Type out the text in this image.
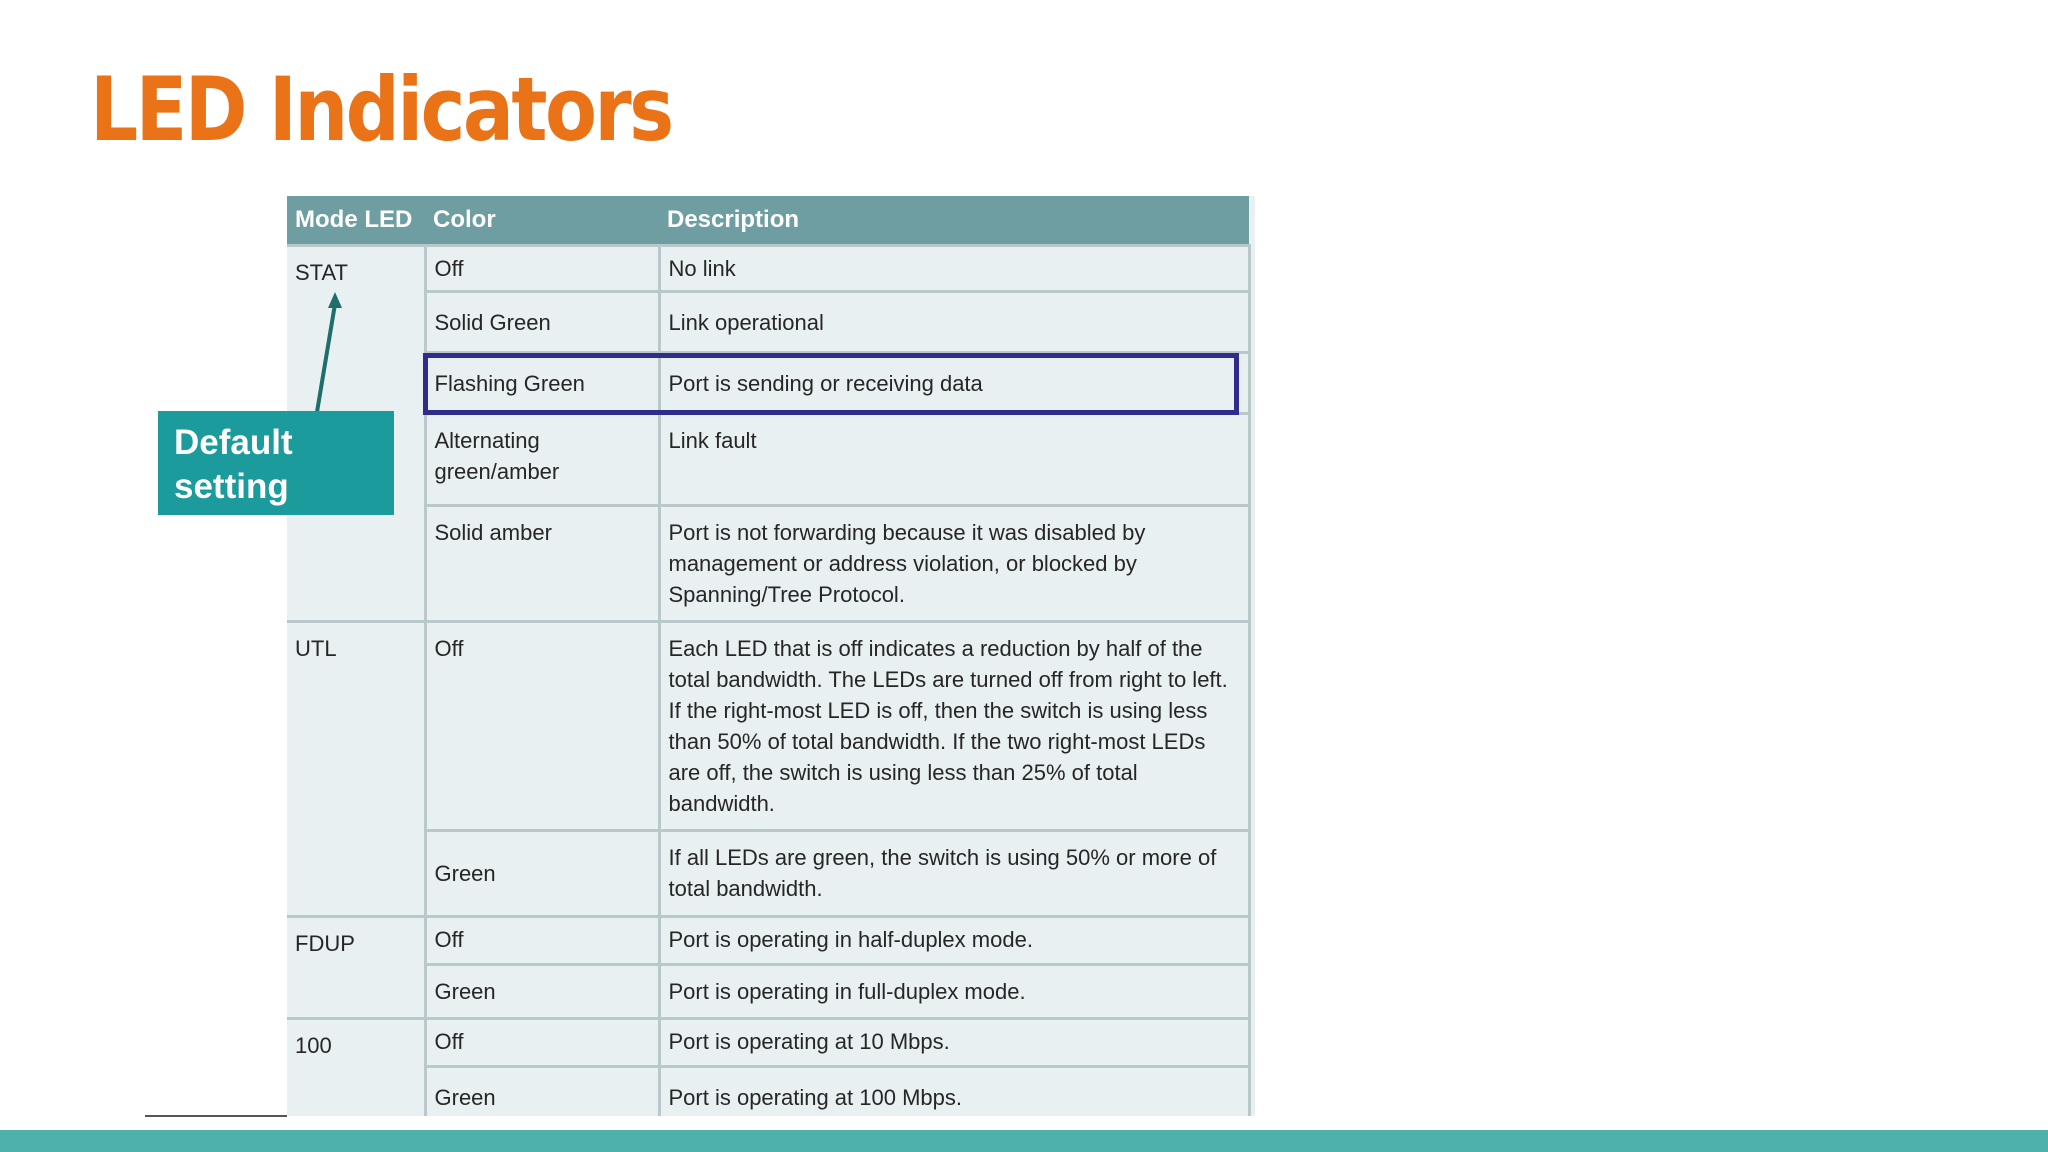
LED Indicators
Mode LED	Color	Description
STAT	Off	No link
	Solid Green	Link operational
	Flashing Green	Port is sending or receiving data
	Alternating green/amber	Link fault
	Solid amber	Port is not forwarding because it was disabled by management or address violation, or blocked by Spanning/Tree Protocol.
UTL	Off	Each LED that is off indicates a reduction by half of the total bandwidth. The LEDs are turned off from right to left. If the right-most LED is off, then the switch is using less than 50% of total bandwidth. If the two right-most LEDs are off, the switch is using less than 25% of total bandwidth.
	Green	If all LEDs are green, the switch is using 50% or more of total bandwidth.
FDUP	Off	Port is operating in half-duplex mode.
	Green	Port is operating in full-duplex mode.
100	Off	Port is operating at 10 Mbps.
	Green	Port is operating at 100 Mbps.
Default setting
